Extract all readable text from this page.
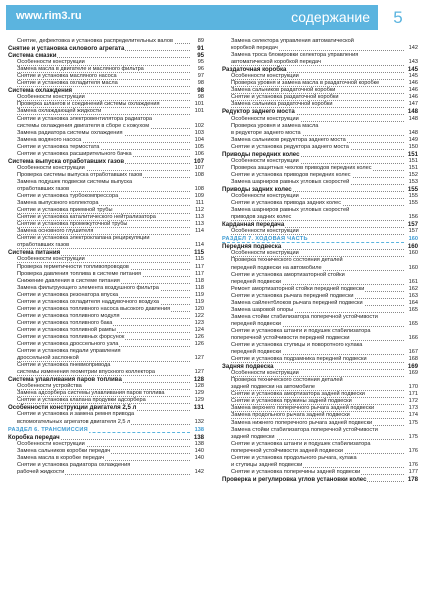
www.rim3.ru	содержание	5
Снятие, дефектовка и установка распределительных валов	89
Снятие и установка силового агрегата	91
Система смазки	95
Особенности конструкции	95
Замена масла в двигателе и масляного фильтра	96
Снятие и установка масляного насоса	97
Снятие и установка охладителя масла	98
Система охлаждения	98
Особенности конструкции	98
Проверка шлангов и соединений системы охлаждения	101
Замена охлаждающей жидкости	101
Снятие и установка электровентилятора радиатора
системы охлаждения двигателя в сборе с кожухом	102
Замена радиатора системы охлаждения	103
Замена водяного насоса	104
Снятие и установка термостата	105
Снятие и установка расширительного бачка	106
Система выпуска отработавших газов	107
Особенности конструкции	107
Проверка системы выпуска отработавших газов	108
Замена подушек подвески системы выпуска
отработавших газов	108
Снятие и установка турбокомпрессора	109
Замена выпускного коллектора	111
Снятие и установка приемной трубы	112
Снятие и установка каталитического нейтрализатора	113
Снятие и установка промежуточной трубы	113
Замена основного глушителя	114
Снятие и установка электроклапана рециркуляции
отработавших газов	114
Система питания	115
Особенности конструкции	115
Проверка герметичности топливопроводов	117
Проверка давления топлива в системе питания	117
Снижение давления в системе питания	118
Замена фильтрующего элемента воздушного фильтра	118
Снятие и установка резонатора впуска	119
Снятие и установка охладителя наддувочного воздуха	119
Снятие и установка топливного насоса высокого давления	120
Снятие и установка топливного модуля	122
Снятие и установка топливного бака	123
Снятие и установка топливной рампы	124
Снятие и установка топливных форсунок	126
Снятие и установка дроссельного узла	126
Снятие и установка педали управления
дроссельной заслонкой	127
Снятие и установка пневмопривода
системы изменения геометрии впускного коллектора	127
Система улавливания паров топлива	128
Особенности устройства	128
Замена адсорбера системы улавливания паров топлива	129
Снятие и установка клапана продувки адсорбера	129
Особенности конструкции двигателя 2,5 л	131
Снятие и установка и замена ремня привода
вспомогательных агрегатов двигателя 2,5 л	132
РАЗДЕЛ 6. ТРАНСМИССИЯ	138
Коробка передач	138
Особенности конструкции	138
Замена сальников коробки передач	140
Замена масла в коробке передач	140
Снятие и установка радиатора охлаждения
рабочей жидкости	142
Замена селектора управления автоматической
коробкой передач	142
Замена троса блокировки селектора управления
автоматической коробкой передач	143
Раздаточная коробка	145
Особенности конструкции	145
Проверка уровня и замена масла в раздаточной коробке	146
Замена сальников раздаточной коробки	146
Снятие и установка раздаточной коробки	146
Замена сальника раздаточной коробки	147
Редуктор заднего моста	148
Особенности конструкции	148
Проверка уровня и замена масла
в редукторе заднего моста	148
Замена сальников редуктора заднего моста	149
Снятие и установка редуктора заднего моста	150
Приводы передних колес	151
Особенности конструкции	151
Проверка защитных чехлов приводов передних колес	151
Снятие и установка приводов передних колес	152
Замена шарниров равных угловых скоростей	153
Приводы задних колес	155
Особенности конструкции	155
Снятие и установка привода задних колес	155
Замена шарниров равных угловых скоростей
приводов задних колес	156
Карданная передача	157
Особенности конструкции	157
РАЗДЕЛ 7. ХОДОВАЯ ЧАСТЬ	160
Передняя подвеска	160
Особенности конструкции	160
Проверка технического состояния деталей
передней подвески на автомобиле	160
Снятие и установка амортизаторной стойки
передней подвески	161
Ремонт амортизаторной стойки передней подвески	162
Снятие и установка рычага передней подвески	163
Замена сайлентблоков рычага передней подвески	164
Замена шаровой опоры	165
Замена стойки стабилизатора поперечной устойчивости
передней подвески	165
Снятие и установка штанги и подушек стабилизатора
поперечной устойчивости передней подвески	166
Снятие и установка ступицы и поворотного кулака
передней подвески	167
Снятие и установка подрамника передней подвески	168
Задняя подвеска	169
Особенности конструкции	169
Проверка технического состояния деталей
задней подвески на автомобиле	170
Снятие и установка амортизатора задней подвески	171
Снятие и установка пружины задней подвески	172
Замена верхнего поперечного рычага задней подвески	173
Замена продольного рычага задней подвески	174
Замена нижнего поперечного рычага задней подвески	175
Замена стойки стабилизатора поперечной устойчивости
задней подвески	175
Снятие и установка штанги и подушек стабилизатора
поперечной устойчивости задней подвески	176
Снятие и установка продольного рычага, кулака
и ступицы задней подвески	176
Снятие и установка поперечины задней подвески	177
Проверка и регулировка углов установки колес	178
